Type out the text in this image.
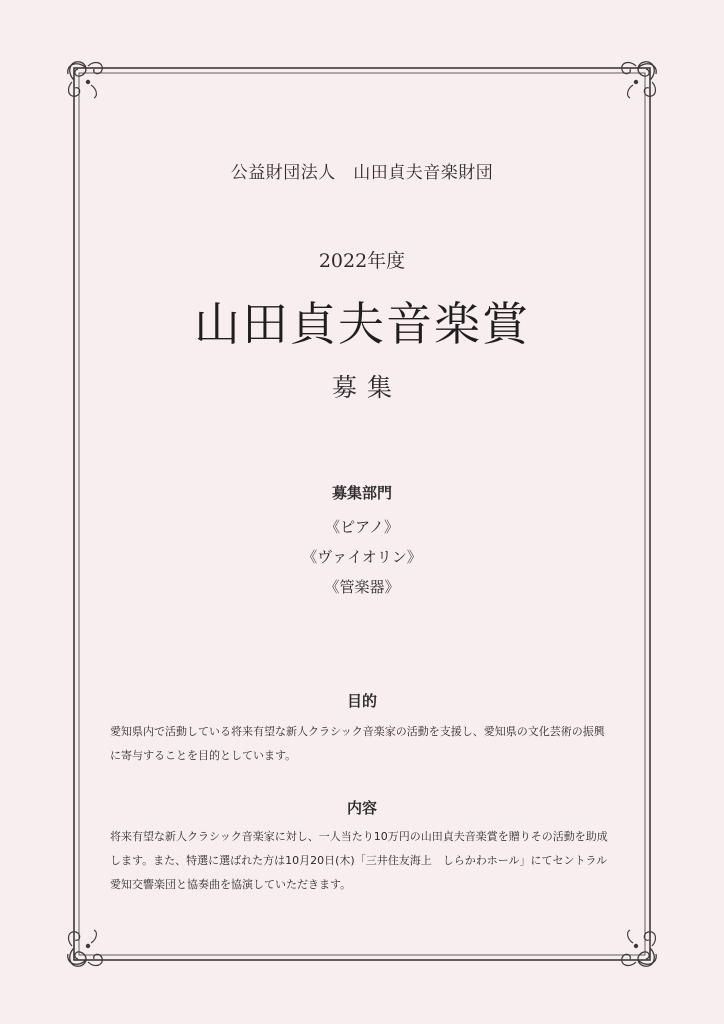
公益財団法人　山田貞夫音楽財団
2022年度
山田貞夫音楽賞
募集
募集部門
《ピアノ》
《ヴァイオリン》
《管楽器》
目的

愛知県内で活動している将来有望な新人クラシック音楽家の活動を支援し、愛知県の文化芸術の振興に寄与することを目的としています。

内容

将来有望な新人クラシック音楽家に対し、一人当たり10万円の山田貞夫音楽賞を贈りその活動を助成します。また、特選に選ばれた方は10月20日(木)「三井住友海上　しらかわホール」にてセントラル愛知交響楽団と協奏曲を協演していただきます。
